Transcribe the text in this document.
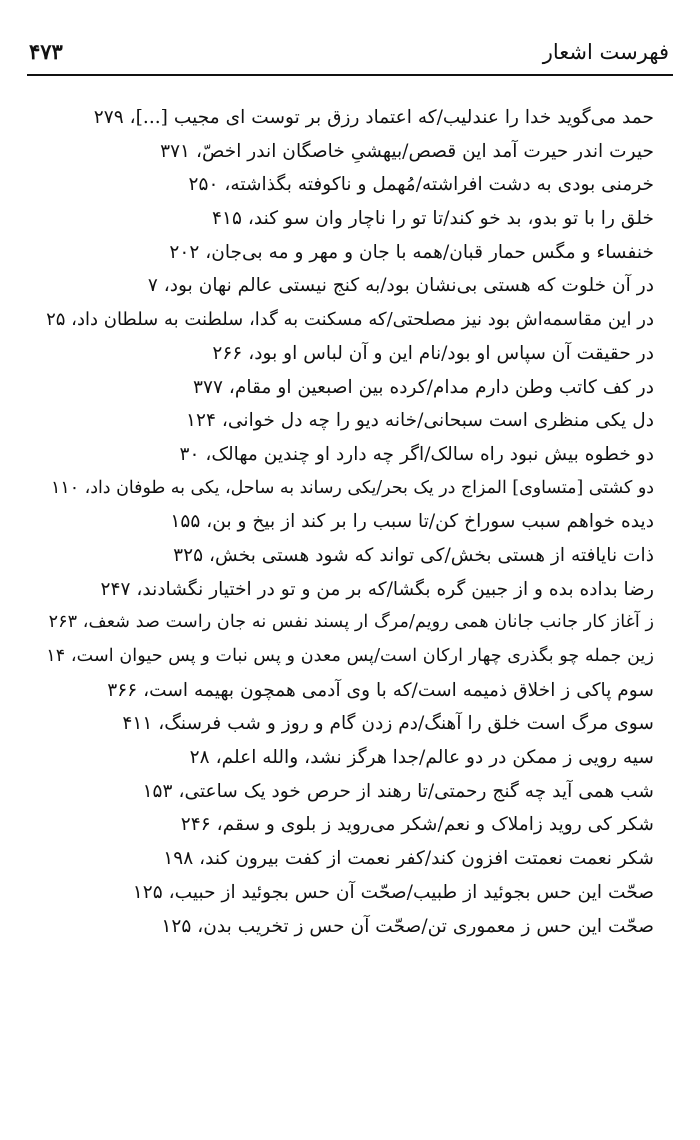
فهرست اشعار
۴۷۳
حمد می‌گوید خدا را عندلیب/که اعتماد رزق بر توست ای مجیب [...]، ۲۷۹
حیرت اندر حیرت آمد این قصص/بیهشیِ خاصگان اندر اخصّ، ۳۷۱
خرمنی بودی به دشت افراشته/مُهمل و ناکوفته بگذاشته، ۲۵۰
خلق را با تو بدو، بد خو کند/تا تو را ناچار وان سو کند، ۴۱۵
خنفساء و مگس حمار قبان/همه با جان و مهر و مه بی‌جان، ۲۰۲
در آن خلوت که هستی بی‌نشان بود/به کنج نیستی عالم نهان بود، ۷
در این مقاسمه‌اش بود نیز مصلحتی/که مسکنت به گدا، سلطنت به سلطان داد، ۲۵
در حقیقت آن سپاس او بود/نام این و آن لباس او بود، ۲۶۶
در کف کاتب وطن دارم مدام/کرده بین اصبعین او مقام، ۳۷۷
دل یکی منظری است سبحانی/خانه دیو را چه دل خوانی، ۱۲۴
دو خطوه بیش نبود راه سالک/اگر چه دارد او چندین مهالک، ۳۰
دو کشتی [متساوی] المزاج در یک بحر/یکی رساند به ساحل، یکی به طوفان داد، ۱۱۰
دیده خواهم سبب سوراخ کن/تا سبب را بر کند از بیخ و بن، ۱۵۵
ذات نایافته از هستی بخش/کی تواند که شود هستی بخش، ۳۲۵
رضا بداده بده و از جبین گره بگشا/که بر من و تو در اختیار نگشادند، ۲۴۷
ز آغاز کار جانب جانان همی رویم/مرگ ار پسند نفس نه جان راست صد شعف، ۲۶۳
زین جمله چو بگذری چهار ارکان است/پس معدن و پس نبات و پس حیوان است، ۱۴
سوم پاکی ز اخلاق ذمیمه است/که با وی آدمی همچون بهیمه است، ۳۶۶
سوی مرگ است خلق را آهنگ/دم زدن گام و روز و شب فرسنگ، ۴۱۱
سیه رویی ز ممکن در دو عالم/جدا هرگز نشد، والله اعلم، ۲۸
شب همی آید چه گنج رحمتی/تا رهند از حرص خود یک ساعتی، ۱۵۳
شکر کی روید زاملاک و نعم/شکر می‌روید ز بلوی و سقم، ۲۴۶
شکر نعمت نعمتت افزون کند/کفر نعمت از کفت بیرون کند، ۱۹۸
صحّت این حس بجوئید از طبیب/صحّت آن حس بجوئید از حبیب، ۱۲۵
صحّت این حس ز معموری تن/صحّت آن حس ز تخریب بدن، ۱۲۵
